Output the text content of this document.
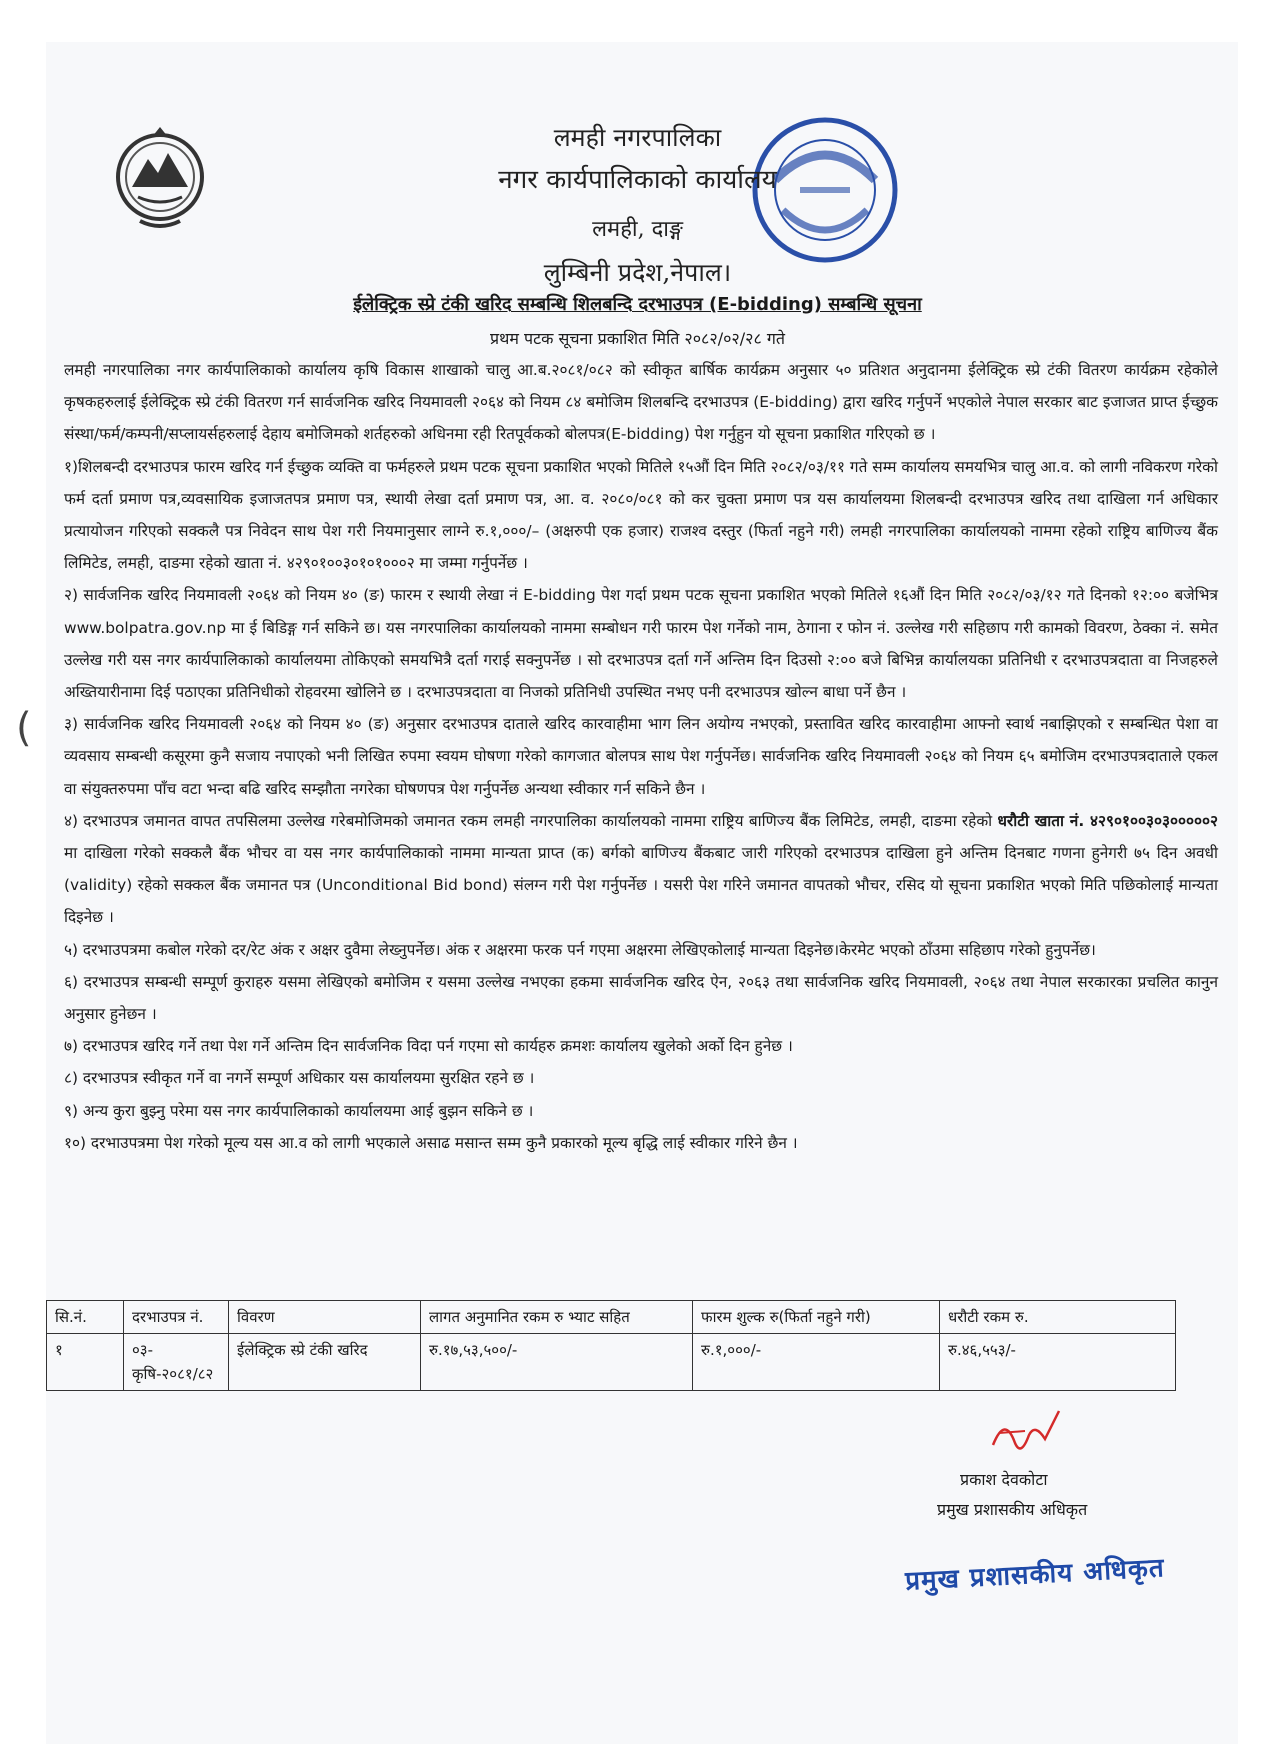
लमही नगरपालिका
नगर कार्यपालिकाको कार्यालय
लमही, दाङ्ग
लुम्बिनी प्रदेश,नेपाल।
ईलेक्ट्रिक स्प्रे टंकी खरिद सम्बन्धि शिलबन्दि दरभाउपत्र (E-bidding) सम्बन्धि सूचना
प्रथम पटक सूचना प्रकाशित मिति २०८२/०२/२८ गते

लमही नगरपालिका नगर कार्यपालिकाको कार्यालय कृषि विकास शाखाको चालु आ.ब.२०८१/०८२ को स्वीकृत बार्षिक कार्यक्रम अनुसार ५० प्रतिशत अनुदानमा ईलेक्ट्रिक स्प्रे टंकी वितरण कार्यक्रम रहेकोले कृषकहरुलाई ईलेक्ट्रिक स्प्रे टंकी वितरण गर्न सार्वजनिक खरिद नियमावली २०६४ को नियम ८४ बमोजिम शिलबन्दि दरभाउपत्र (E-bidding) द्वारा खरिद गर्नुपर्ने भएकोले नेपाल सरकार बाट इजाजत प्राप्त ईच्छुक संस्था/फर्म/कम्पनी/सप्लायर्सहरुलाई देहाय बमोजिमको शर्तहरुको अधिनमा रही रितपूर्वकको बोलपत्र(E-bidding) पेश गर्नुहुन यो सूचना प्रकाशित गरिएको छ ।

१)शिलबन्दी दरभाउपत्र फारम खरिद गर्न ईच्छुक व्यक्ति वा फर्महरुले प्रथम पटक सूचना प्रकाशित भएको मितिले १५औं दिन मिति २०८२/०३/११ गते सम्म कार्यालय समयभित्र चालु आ.व. को लागी नविकरण गरेको फर्म दर्ता प्रमाण पत्र,व्यवसायिक इजाजतपत्र प्रमाण पत्र, स्थायी लेखा दर्ता प्रमाण पत्र, आ. व. २०८०/०८१ को कर चुक्ता प्रमाण पत्र यस कार्यालयमा शिलबन्दी दरभाउपत्र खरिद तथा दाखिला गर्न अधिकार प्रत्यायोजन गरिएको सक्कलै पत्र निवेदन साथ पेश गरी नियमानुसार लाग्ने रु.१,०००/– (अक्षरुपी एक हजार) राजश्व दस्तुर (फिर्ता नहुने गरी) लमही नगरपालिका कार्यालयको नाममा रहेको राष्ट्रिय बाणिज्य बैंक लिमिटेड, लमही, दाङमा रहेको खाता नं. ४२९०१००३०१०१०००२ मा जम्मा गर्नुपर्नेछ ।

२) सार्वजनिक खरिद नियमावली २०६४ को नियम ४० (ङ) फारम र स्थायी लेखा नं E-bidding पेश गर्दा प्रथम पटक सूचना प्रकाशित भएको मितिले १६औं दिन मिति २०८२/०३/१२ गते दिनको १२:०० बजेभित्र www.bolpatra.gov.np मा ई बिडिङ्ग गर्न सकिने छ। यस नगरपालिका कार्यालयको नाममा सम्बोधन गरी फारम पेश गर्नेको नाम, ठेगाना र फोन नं. उल्लेख गरी सहिछाप गरी कामको विवरण, ठेक्का नं. समेत उल्लेख गरी यस नगर कार्यपालिकाको कार्यालयमा तोकिएको समयभित्रै दर्ता गराई सक्नुपर्नेछ । सो दरभाउपत्र दर्ता गर्ने अन्तिम दिन दिउसो २:०० बजे बिभिन्न कार्यालयका प्रतिनिधी र दरभाउपत्रदाता वा निजहरुले अख्तियारीनामा दिई पठाएका प्रतिनिधीको रोहवरमा खोलिने छ । दरभाउपत्रदाता वा निजको प्रतिनिधी उपस्थित नभए पनी दरभाउपत्र खोल्न बाधा पर्ने छैन ।

३) सार्वजनिक खरिद नियमावली २०६४ को नियम ४० (ङ) अनुसार दरभाउपत्र दाताले खरिद कारवाहीमा भाग लिन अयोग्य नभएको, प्रस्तावित खरिद कारवाहीमा आफ्नो स्वार्थ नबाझिएको र सम्बन्धित पेशा वा व्यवसाय सम्बन्धी कसूरमा कुनै सजाय नपाएको भनी लिखित रुपमा स्वयम घोषणा गरेको कागजात बोलपत्र साथ पेश गर्नुपर्नेछ। सार्वजनिक खरिद नियमावली २०६४ को नियम ६५ बमोजिम दरभाउपत्रदाताले एकल वा संयुक्तरुपमा पाँच वटा भन्दा बढि खरिद सम्झौता नगरेका घोषणपत्र पेश गर्नुपर्नेछ अन्यथा स्वीकार गर्न सकिने छैन ।

४) दरभाउपत्र जमानत वापत तपसिलमा उल्लेख गरेबमोजिमको जमानत रकम लमही नगरपालिका कार्यालयको नाममा राष्ट्रिय बाणिज्य बैंक लिमिटेड, लमही, दाङमा रहेको धरौटी खाता नं. ४२९०१००३०३०००००२ मा दाखिला गरेको सक्कलै बैंक भौचर वा यस नगर कार्यपालिकाको नाममा मान्यता प्राप्त (क) बर्गको बाणिज्य बैंकबाट जारी गरिएको दरभाउपत्र दाखिला हुने अन्तिम दिनबाट गणना हुनेगरी ७५ दिन अवधी (validity) रहेको सक्कल बैंक जमानत पत्र (Unconditional Bid bond) संलग्न गरी पेश गर्नुपर्नेछ । यसरी पेश गरिने जमानत वापतको भौचर, रसिद यो सूचना प्रकाशित भएको मिति पछिकोलाई मान्यता दिइनेछ ।

५) दरभाउपत्रमा कबोल गरेको दर/रेट अंक र अक्षर दुवैमा लेख्नुपर्नेछ। अंक र अक्षरमा फरक पर्न गएमा अक्षरमा लेखिएकोलाई मान्यता दिइनेछ।केरमेट भएको ठाँउमा सहिछाप गरेको हुनुपर्नेछ।

६) दरभाउपत्र सम्बन्धी सम्पूर्ण कुराहरु यसमा लेखिएको बमोजिम र यसमा उल्लेख नभएका हकमा सार्वजनिक खरिद ऐन, २०६३ तथा सार्वजनिक खरिद नियमावली, २०६४ तथा नेपाल सरकारका प्रचलित कानुन अनुसार हुनेछन ।

७) दरभाउपत्र खरिद गर्ने तथा पेश गर्ने अन्तिम दिन सार्वजनिक विदा पर्न गएमा सो कार्यहरु क्रमशः कार्यालय खुलेको अर्को दिन हुनेछ ।

८) दरभाउपत्र स्वीकृत गर्ने वा नगर्ने सम्पूर्ण अधिकार यस कार्यालयमा सुरक्षित रहने छ ।

९) अन्य कुरा बुझ्नु परेमा यस नगर कार्यपालिकाको कार्यालयमा आई बुझन सकिने छ ।

१०) दरभाउपत्रमा पेश गरेको मूल्य यस आ.व को लागी भएकाले असाढ मसान्त सम्म कुनै प्रकारको मूल्य बृद्धि लाई स्वीकार गरिने छैन ।

सि.नं.	दरभाउपत्र नं.	विवरण	लागत अनुमानित रकम रु भ्याट सहित	फारम शुल्क रु(फिर्ता नहुने गरी)	धरौटी रकम रु.
१	०३-कृषि-२०८१/८२	ईलेक्ट्रिक स्प्रे टंकी खरिद	रु.१७,५३,५००/-	रु.१,०००/-	रु.४६,५५३/-
प्रकाश देवकोटा
प्रमुख प्रशासकीय अधिकृत
प्रमुख प्रशासकीय अधिकृत
(
